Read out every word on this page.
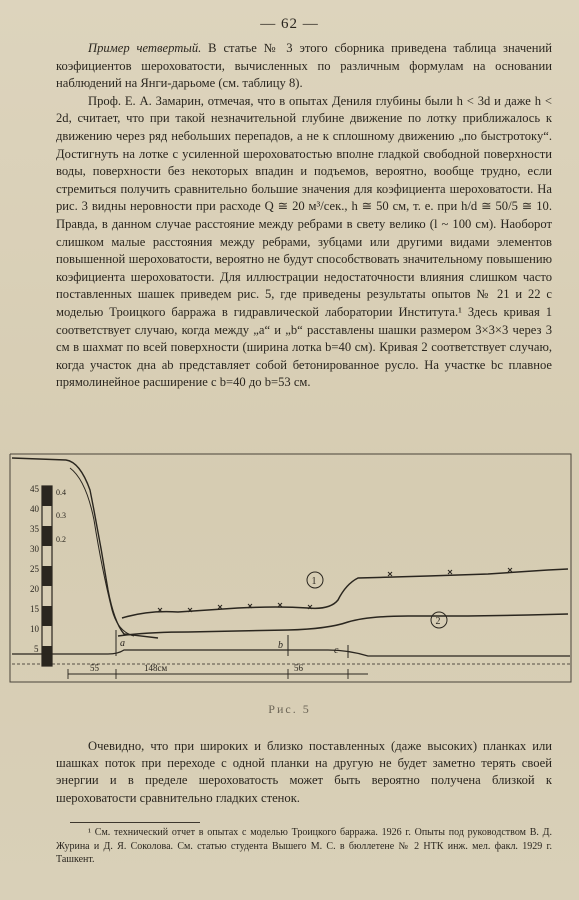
— 62 —

Пример четвертый. В статье № 3 этого сборника приведена таблица значений коэфициентов шероховатости, вычисленных по различным формулам на основании наблюдений на Янги-дарьоме (см. таблицу 8).

Проф. Е. А. Замарин, отмечая, что в опытах Дениля глубины были h < 3d и даже h < 2d, считает, что при такой незначительной глубине движение по лотку приближалось к движению через ряд небольших перепадов, а не к сплошному движению „по быстротоку“. Достигнуть на лотке с усиленной шероховатостью вполне гладкой свободной поверхности воды, поверхности без некоторых впадин и подъемов, вероятно, вообще трудно, если стремиться получить сравнительно большие значения для коэфициента шероховатости. На рис. 3 видны неровности при расходе Q ≅ 20 м³/сек., h ≅ 50 см, т. е. при h/d ≅ 50/5 ≅ 10. Правда, в данном случае расстояние между ребрами в свету велико (l ~ 100 см). Наоборот слишком малые расстояния между ребрами, зубцами или другими видами элементов повышенной шероховатости, вероятно не будут способствовать значительному повышению коэфициента шероховатости. Для иллюстрации недостаточности влияния слишком часто поставленных шашек приведем рис. 5, где приведены результаты опытов № 21 и 22 с моделью Троицкого барража в гидравлической лаборатории Института.¹ Здесь кривая 1 соответствует случаю, когда между „a“ и „b“ расставлены шашки размером 3×3×3 через 3 см в шахмат по всей поверхности (ширина лотка b=40 см). Кривая 2 соответствует случаю, когда участок дна ab представляет собой бетонированное русло. На участке bc плавное прямолинейное расширение с b=40 до b=53 см.

45
40
35
30
25
20
15
10
5
0.4
0.3
0.2
a	b	c
1
2
55	148см	56
Рис. 5

Очевидно, что при широких и близко поставленных (даже высоких) планках или шашках поток при переходе с одной планки на другую не будет заметно терять своей энергии и в пределе шероховатость может быть вероятно получена близкой к шероховатости сравнительно гладких стенок.

¹ См. технический отчет в опытах с моделью Троицкого барража. 1926 г. Опыты под руководством В. Д. Журина и Д. Я. Соколова. См. статью студента Вышего М. С. в бюллетене № 2 НТК инж. мел. факл. 1929 г. Ташкент.
